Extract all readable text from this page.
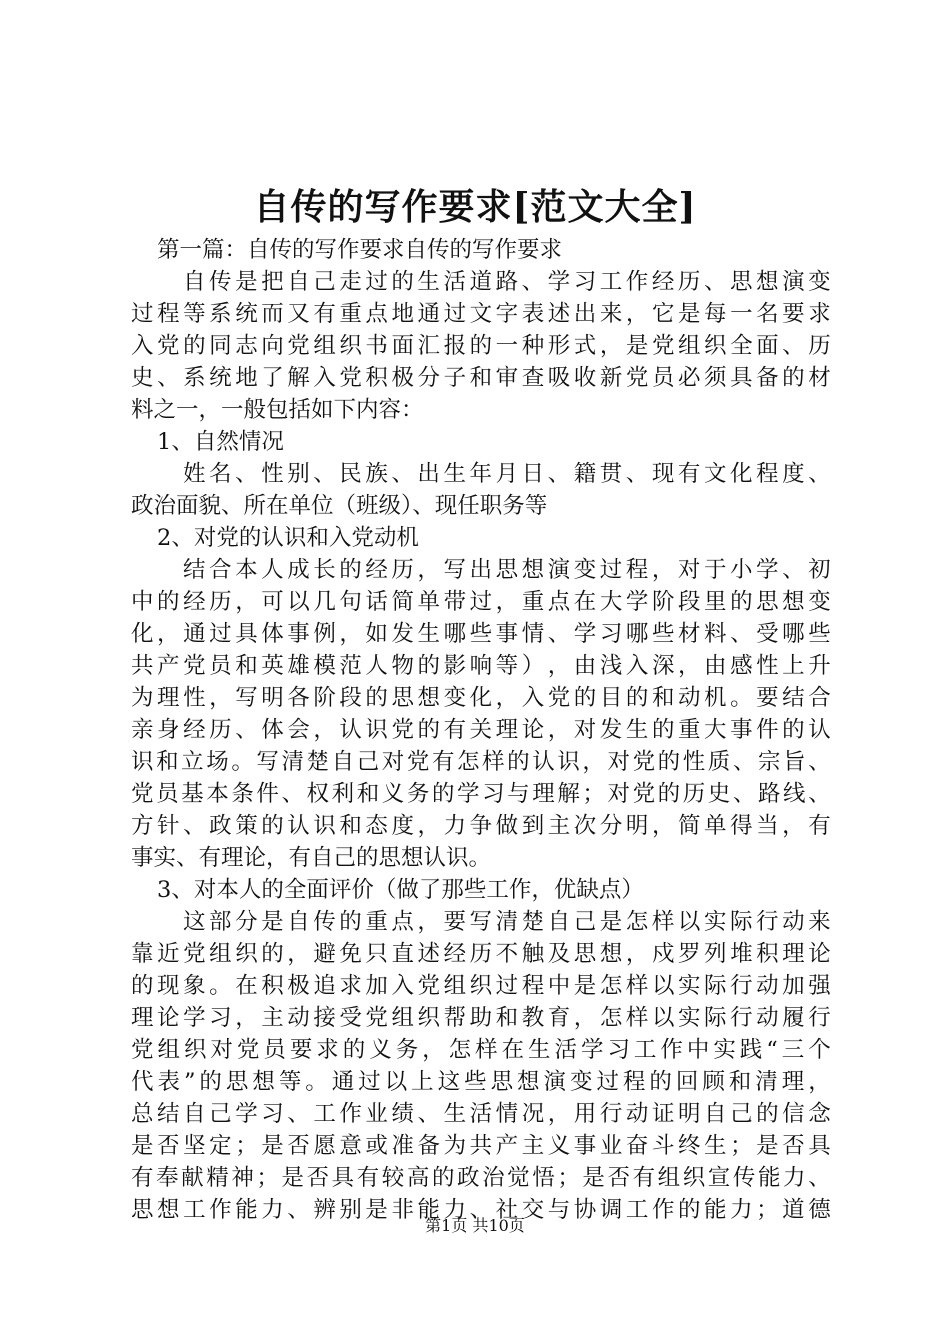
自传的写作要求[范文大全]
第一篇：自传的写作要求自传的写作要求
自 传 是 把 自 己 走 过 的 生 活 道 路 、 学 习 工 作 经 历 、 思 想 演 变
过 程 等 系 统 而 又 有 重 点 地 通 过 文 字 表 述 出 来 ， 它 是 每 一 名 要 求
入 党 的 同 志 向 党 组 织 书 面 汇 报 的 一 种 形 式 ， 是 党 组 织 全 面 、 历
史 、 系 统 地 了 解 入 党 积 极 分 子 和 审 查 吸 收 新 党 员 必 须 具 备 的 材
料之一，一般包括如下内容：
1、自然情况
姓 名 、 性 别 、 民 族 、 出 生 年 月 日 、 籍 贯 、 现 有 文 化 程 度 、
政治面貌、所在单位（班级）、现任职务等
2、对党的认识和入党动机
结 合 本 人 成 长 的 经 历 ， 写 出 思 想 演 变 过 程 ， 对 于 小 学 、 初
中 的 经 历 ， 可 以 几 句 话 简 单 带 过 ， 重 点 在 大 学 阶 段 里 的 思 想 变
化 ， 通 过 具 体 事 例 ， 如 发 生 哪 些 事 情 、 学 习 哪 些 材 料 、 受 哪 些
共 产 党 员 和 英 雄 模 范 人 物 的 影 响 等 ） ， 由 浅 入 深 ， 由 感 性 上 升
为 理 性 ， 写 明 各 阶 段 的 思 想 变 化 ， 入 党 的 目 的 和 动 机 。 要 结 合
亲 身 经 历 、 体 会 ， 认 识 党 的 有 关 理 论 ， 对 发 生 的 重 大 事 件 的 认
识 和 立 场 。 写 清 楚 自 己 对 党 有 怎 样 的 认 识 ， 对 党 的 性 质 、 宗 旨 、
党 员 基 本 条 件 、 权 利 和 义 务 的 学 习 与 理 解 ； 对 党 的 历 史 、 路 线 、
方 针 、 政 策 的 认 识 和 态 度 ， 力 争 做 到 主 次 分 明 ， 简 单 得 当 ， 有
事实、有理论，有自己的思想认识。
3、对本人的全面评价（做了那些工作，优缺点）
这 部 分 是 自 传 的 重 点 ， 要 写 清 楚 自 己 是 怎 样 以 实 际 行 动 来
靠 近 党 组 织 的 ， 避 免 只 直 述 经 历 不 触 及 思 想 ， 戍 罗 列 堆 积 理 论
的 现 象 。 在 积 极 追 求 加 入 党 组 织 过 程 中 是 怎 样 以 实 际 行 动 加 强
理 论 学 习 ， 主 动 接 受 党 组 织 帮 助 和 教 育 ， 怎 样 以 实 际 行 动 履 行
党 组 织 对 党 员 要 求 的 义 务 ， 怎 样 在 生 活 学 习 工 作 中 实 践 “ 三 个
代 表 ” 的 思 想 等 。 通 过 以 上 这 些 思 想 演 变 过 程 的 回 顾 和 清 理 ，
总 结 自 己 学 习 、 工 作 业 绩 、 生 活 情 况 ， 用 行 动 证 明 自 己 的 信 念
是 否 坚 定 ； 是 否 愿 意 或 准 备 为 共 产 主 义 事 业 奋 斗 终 生 ； 是 否 具
有 奉 献 精 神 ； 是 否 具 有 较 高 的 政 治 觉 悟 ； 是 否 有 组 织 宣 传 能 力 、
思 想 工 作 能 力 、 辨 别 是 非 能 力 、 社 交 与 协 调 工 作 的 能 力 ； 道 德
第1页 共10页
